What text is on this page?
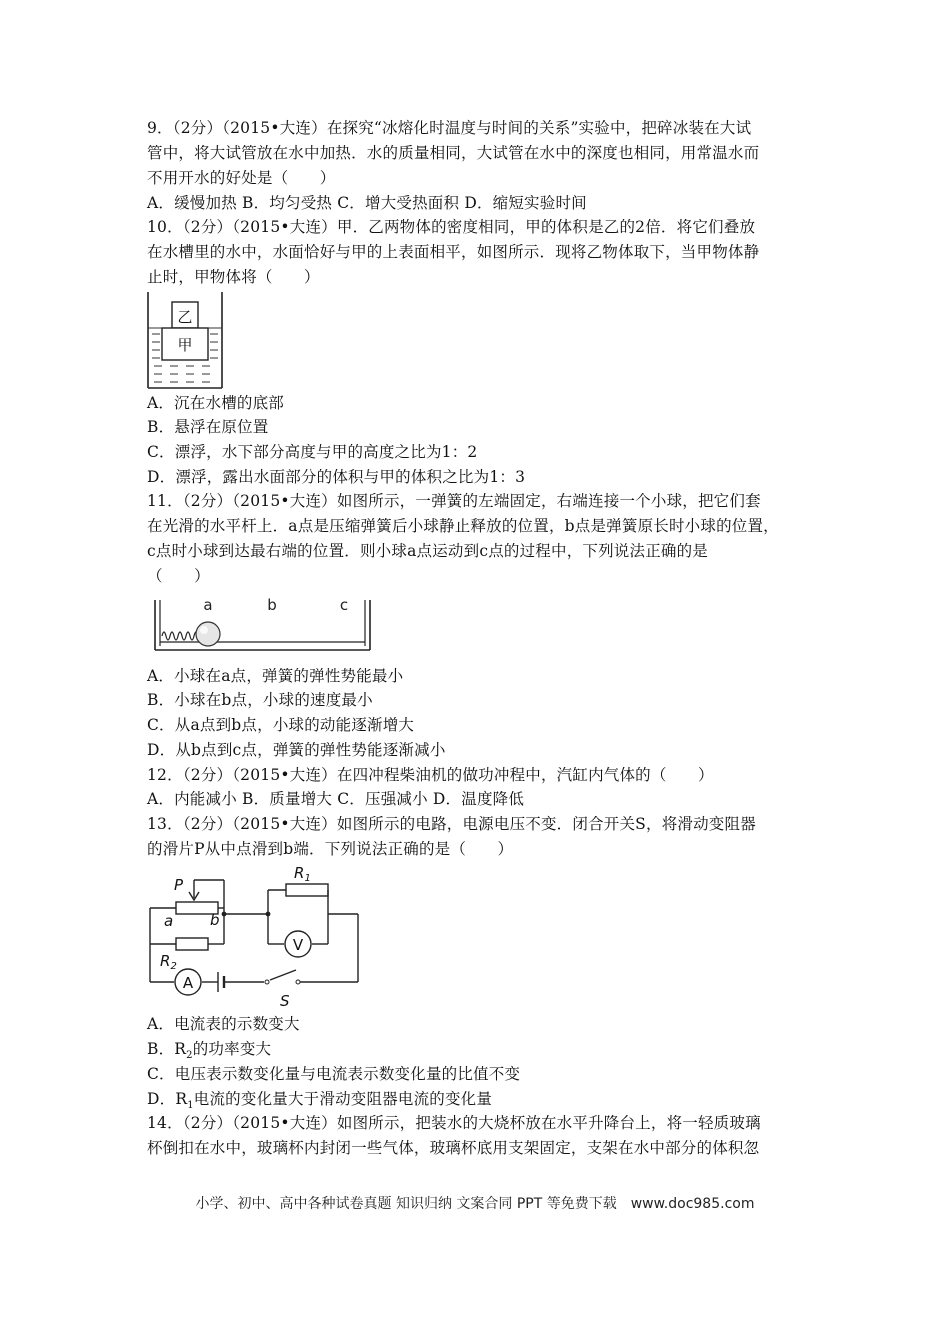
9．（2分）（2015•大连）在探究“冰熔化时温度与时间的关系”实验中，把碎冰装在大试
管中，将大试管放在水中加热．水的质量相同，大试管在水中的深度也相同，用常温水而
不用开水的好处是（　　）
A．缓慢加热 B．均匀受热 C．增大受热面积 D．缩短实验时间
10．（2分）（2015•大连）甲．乙两物体的密度相同，甲的体积是乙的2倍．将它们叠放
在水槽里的水中，水面恰好与甲的上表面相平，如图所示．现将乙物体取下，当甲物体静
止时，甲物体将（　　）
乙
甲
A．沉在水槽的底部
B．悬浮在原位置
C．漂浮，水下部分高度与甲的高度之比为1：2
D．漂浮，露出水面部分的体积与甲的体积之比为1：3
11．（2分）（2015•大连）如图所示，一弹簧的左端固定，右端连接一个小球，把它们套
在光滑的水平杆上．a点是压缩弹簧后小球静止释放的位置，b点是弹簧原长时小球的位置，
c点时小球到达最右端的位置．则小球a点运动到c点的过程中，下列说法正确的是
（　　）
a	b	c
A．小球在a点，弹簧的弹性势能最小
B．小球在b点，小球的速度最小
C．从a点到b点，小球的动能逐渐增大
D．从b点到c点，弹簧的弹性势能逐渐减小
12．（2分）（2015•大连）在四冲程柴油机的做功冲程中，汽缸内气体的（　　）
A．内能减小 B．质量增大 C．压强减小 D．温度降低
13．（2分）（2015•大连）如图所示的电路，电源电压不变．闭合开关S，将滑动变阻器
的滑片P从中点滑到b端．下列说法正确的是（　　）
V
A
P
a b
$R_1$
$R_2$
S
A．电流表的示数变大
B．$R_2$的功率变大
C．电压表示数变化量与电流表示数变化量的比值不变
D．$R_1$电流的变化量大于滑动变阻器电流的变化量
14．（2分）（2015•大连）如图所示，把装水的大烧杯放在水平升降台上，将一轻质玻璃
杯倒扣在水中，玻璃杯内封闭一些气体，玻璃杯底用支架固定，支架在水中部分的体积忽
小学、初中、高中各种试卷真题 知识归纳 文案合同 PPT 等免费下载　www.doc985.com
